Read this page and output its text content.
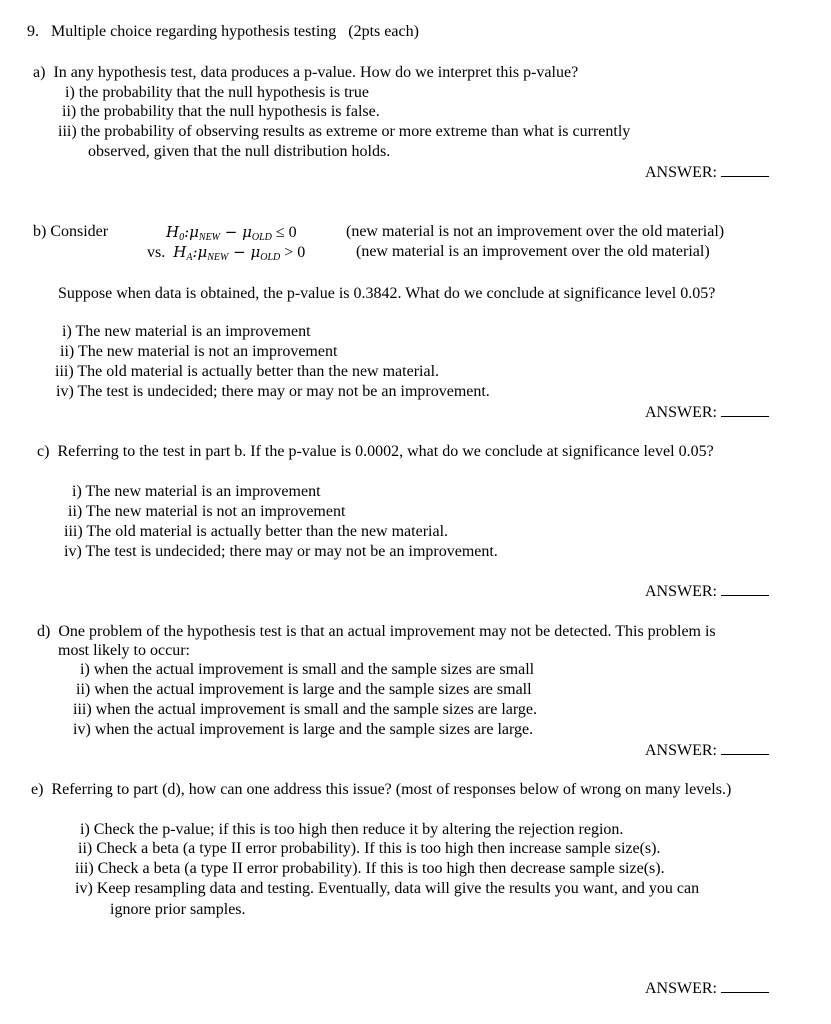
9. Multiple choice regarding hypothesis testing (2pts each)
a) In any hypothesis test, data produces a p-value. How do we interpret this p-value?
i) the probability that the null hypothesis is true
ii) the probability that the null hypothesis is false.
iii) the probability of observing results as extreme or more extreme than what is currently
observed, given that the null distribution holds.
ANSWER:
b) Consider	$H_0:\mu_{NEW} - \mu_{OLD} \le 0$	(new material is not an improvement over the old material)
vs. $H_A:\mu_{NEW} - \mu_{OLD} > 0$	(new material is an improvement over the old material)
Suppose when data is obtained, the p-value is 0.3842. What do we conclude at significance level 0.05?
i) The new material is an improvement
ii) The new material is not an improvement
iii) The old material is actually better than the new material.
iv) The test is undecided; there may or may not be an improvement.
ANSWER:
c) Referring to the test in part b. If the p-value is 0.0002, what do we conclude at significance level 0.05?
i) The new material is an improvement
ii) The new material is not an improvement
iii) The old material is actually better than the new material.
iv) The test is undecided; there may or may not be an improvement.
ANSWER:
d) One problem of the hypothesis test is that an actual improvement may not be detected. This problem is
most likely to occur:
i) when the actual improvement is small and the sample sizes are small
ii) when the actual improvement is large and the sample sizes are small
iii) when the actual improvement is small and the sample sizes are large.
iv) when the actual improvement is large and the sample sizes are large.
ANSWER:
e) Referring to part (d), how can one address this issue? (most of responses below of wrong on many levels.)
i) Check the p-value; if this is too high then reduce it by altering the rejection region.
ii) Check a beta (a type II error probability). If this is too high then increase sample size(s).
iii) Check a beta (a type II error probability). If this is too high then decrease sample size(s).
iv) Keep resampling data and testing. Eventually, data will give the results you want, and you can
ignore prior samples.
ANSWER:
